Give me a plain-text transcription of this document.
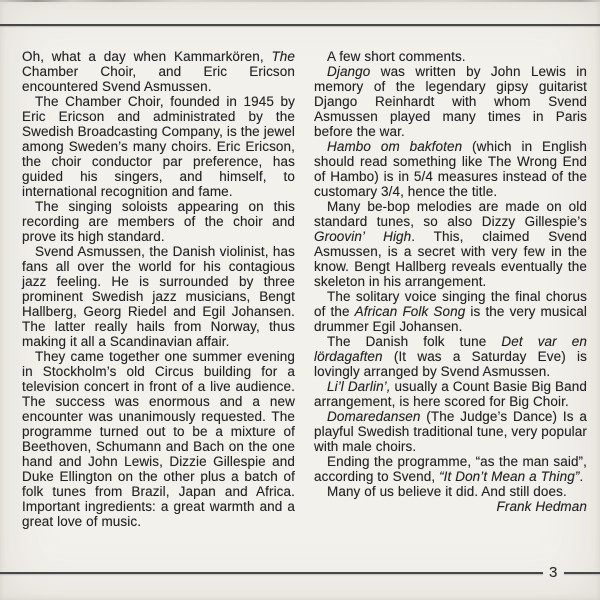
Oh, what a day when Kammarkören, The Chamber Choir, and Eric Ericson encountered Svend Asmussen.

The Chamber Choir, founded in 1945 by Eric Ericson and administrated by the Swedish Broadcasting Company, is the jewel among Sweden’s many choirs. Eric Ericson, the choir conductor par preference, has guided his singers, and himself, to international recognition and fame.

The singing soloists appearing on this recording are members of the choir and prove its high standard.

Svend Asmussen, the Danish violinist, has fans all over the world for his contagious jazz feeling. He is surrounded by three prominent Swedish jazz musicians, Bengt Hallberg, Georg Riedel and Egil Johansen. The latter really hails from Norway, thus making it all a Scandinavian affair.

They came together one summer evening in Stockholm’s old Circus building for a television concert in front of a live audience. The success was enormous and a new encounter was unanimously requested. The programme turned out to be a mixture of Beethoven, Schumann and Bach on the one hand and John Lewis, Dizzie Gillespie and Duke Ellington on the other plus a batch of folk tunes from Brazil, Japan and Africa. Important ingredients: a great warmth and a great love of music.

A few short comments.

Django was written by John Lewis in memory of the legendary gipsy guitarist Django Reinhardt with whom Svend Asmussen played many times in Paris before the war.

Hambo om bakfoten (which in English should read something like The Wrong End of Hambo) is in 5/4 measures instead of the customary 3/4, hence the title.

Many be-bop melodies are made on old standard tunes, so also Dizzy Gillespie’s Groovin’ High. This, claimed Svend Asmussen, is a secret with very few in the know. Bengt Hallberg reveals eventually the skeleton in his arrangement.

The solitary voice singing the final chorus of the African Folk Song is the very musical drummer Egil Johansen.

The Danish folk tune Det var en lördagaften (It was a Saturday Eve) is lovingly arranged by Svend Asmussen.

Li’l Darlin’, usually a Count Basie Big Band arrangement, is here scored for Big Choir.

Domaredansen (The Judge’s Dance) Is a playful Swedish traditional tune, very popular with male choirs.

Ending the programme, “as the man said”, according to Svend, “It Don’t Mean a Thing”.

Many of us believe it did. And still does.

Frank Hedman

3
